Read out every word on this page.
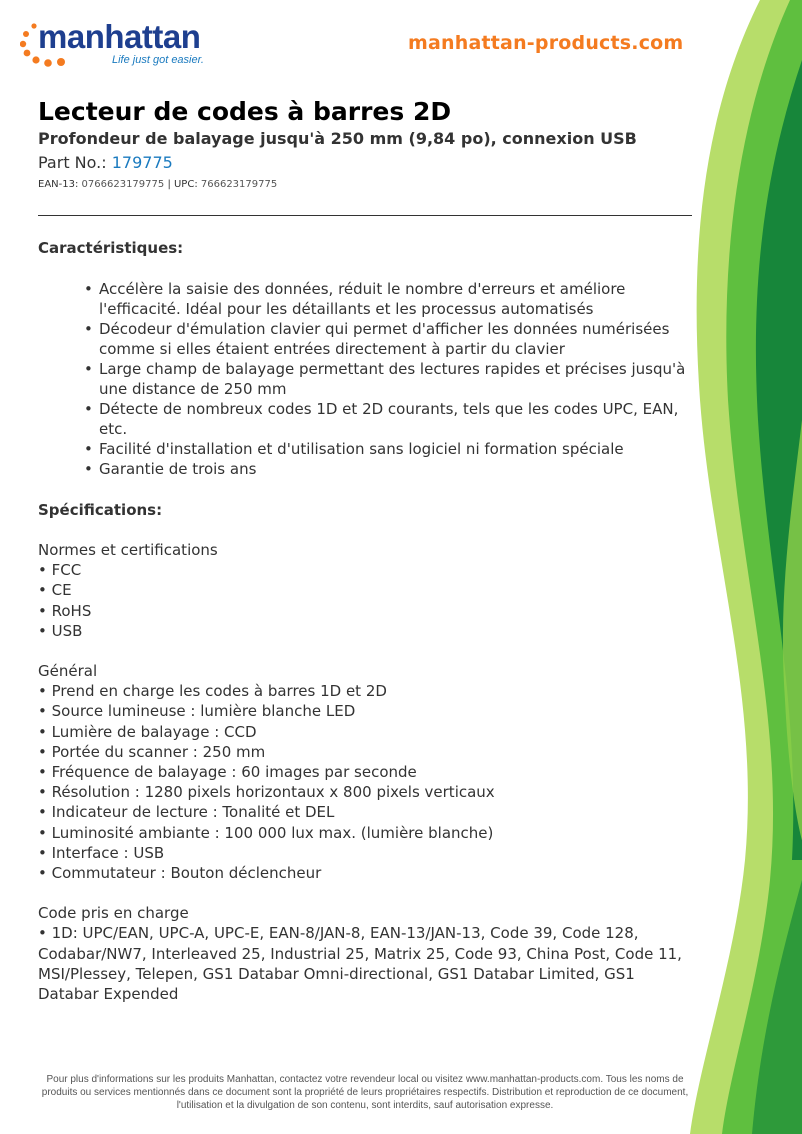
manhattan
Life just got easier.
manhattan-products.com
Lecteur de codes à barres 2D

Profondeur de balayage jusqu'à 250 mm (9,84 po), connexion USB

Part No.: 179775
EAN-13: 0766623179775 | UPC: 766623179775
Caractéristiques:
• Accélère la saisie des données, réduit le nombre d'erreurs et améliore l'efficacité. Idéal pour les détaillants et les processus automatisés
• Décodeur d'émulation clavier qui permet d'afficher les données numérisées comme si elles étaient entrées directement à partir du clavier
• Large champ de balayage permettant des lectures rapides et précises jusqu'à une distance de 250 mm
• Détecte de nombreux codes 1D et 2D courants, tels que les codes UPC, EAN, etc.
• Facilité d'installation et d'utilisation sans logiciel ni formation spéciale
• Garantie de trois ans
Spécifications:
Normes et certifications
• FCC
• CE
• RoHS
• USB
Général
• Prend en charge les codes à barres 1D et 2D
• Source lumineuse : lumière blanche LED
• Lumière de balayage : CCD
• Portée du scanner : 250 mm
• Fréquence de balayage : 60 images par seconde
• Résolution : 1280 pixels horizontaux x 800 pixels verticaux
• Indicateur de lecture : Tonalité et DEL
• Luminosité ambiante : 100 000 lux max. (lumière blanche)
• Interface : USB
• Commutateur : Bouton déclencheur
Code pris en charge
• 1D: UPC/EAN, UPC-A, UPC-E, EAN-8/JAN-8, EAN-13/JAN-13, Code 39, Code 128, Codabar/NW7, Interleaved 25, Industrial 25, Matrix 25, Code 93, China Post, Code 11, MSI/Plessey, Telepen, GS1 Databar Omni-directional, GS1 Databar Limited, GS1 Databar Expended
Pour plus d'informations sur les produits Manhattan, contactez votre revendeur local ou visitez www.manhattan-products.com. Tous les noms de produits ou services mentionnés dans ce document sont la propriété de leurs propriétaires respectifs. Distribution et reproduction de ce document, l'utilisation et la divulgation de son contenu, sont interdits, sauf autorisation expresse.
